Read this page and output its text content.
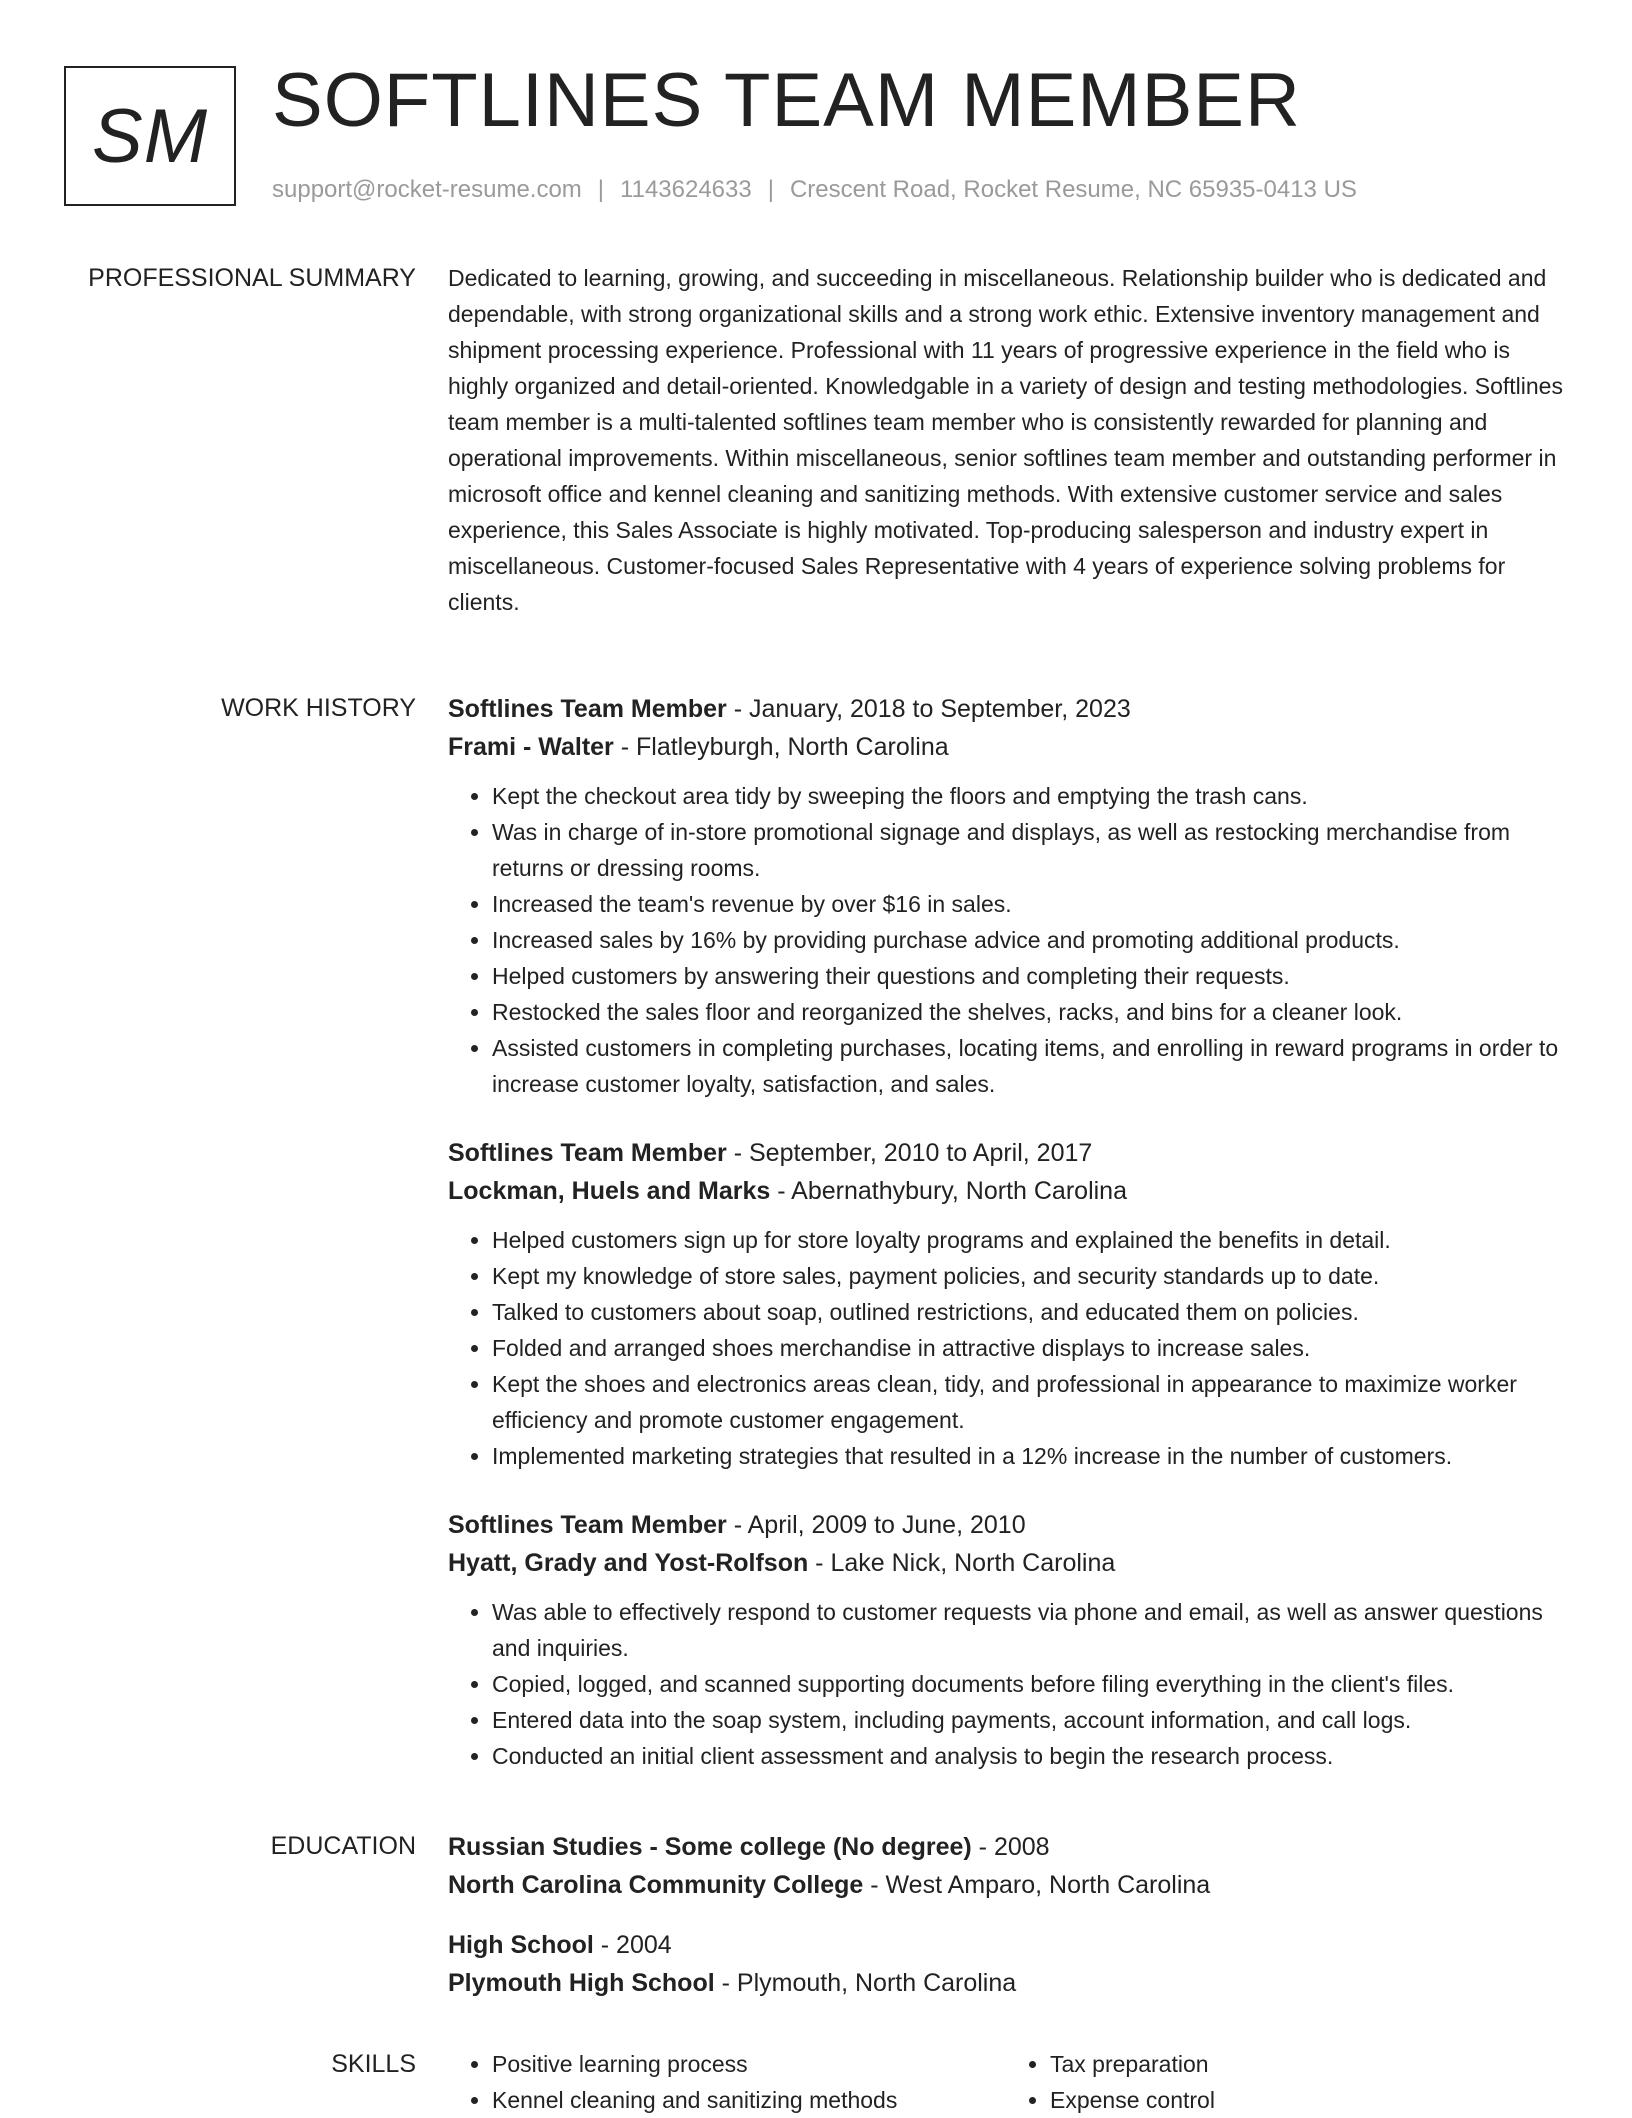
SM SOFTLINES TEAM MEMBER
support@rocket-resume.com | 1143624633 | Crescent Road, Rocket Resume, NC 65935-0413 US
PROFESSIONAL SUMMARY Dedicated to learning, growing, and succeeding in miscellaneous. Relationship builder who is dedicated and dependable, with strong organizational skills and a strong work ethic. Extensive inventory management and shipment processing experience. Professional with 11 years of progressive experience in the field who is highly organized and detail-oriented. Knowledgable in a variety of design and testing methodologies. Softlines team member is a multi-talented softlines team member who is consistently rewarded for planning and operational improvements. Within miscellaneous, senior softlines team member and outstanding performer in microsoft office and kennel cleaning and sanitizing methods. With extensive customer service and sales experience, this Sales Associate is highly motivated. Top-producing salesperson and industry expert in miscellaneous. Customer-focused Sales Representative with 4 years of experience solving problems for clients.

WORK HISTORY Softlines Team Member - January, 2018 to September, 2023
Frami - Walter - Flatleyburgh, North Carolina
• Kept the checkout area tidy by sweeping the floors and emptying the trash cans.
• Was in charge of in-store promotional signage and displays, as well as restocking merchandise from returns or dressing rooms.
• Increased the team's revenue by over $16 in sales.
• Increased sales by 16% by providing purchase advice and promoting additional products.
• Helped customers by answering their questions and completing their requests.
• Restocked the sales floor and reorganized the shelves, racks, and bins for a cleaner look.
• Assisted customers in completing purchases, locating items, and enrolling in reward programs in order to increase customer loyalty, satisfaction, and sales.
Softlines Team Member - September, 2010 to April, 2017
Lockman, Huels and Marks - Abernathybury, North Carolina
• Helped customers sign up for store loyalty programs and explained the benefits in detail.
• Kept my knowledge of store sales, payment policies, and security standards up to date.
• Talked to customers about soap, outlined restrictions, and educated them on policies.
• Folded and arranged shoes merchandise in attractive displays to increase sales.
• Kept the shoes and electronics areas clean, tidy, and professional in appearance to maximize worker efficiency and promote customer engagement.
• Implemented marketing strategies that resulted in a 12% increase in the number of customers.
Softlines Team Member - April, 2009 to June, 2010
Hyatt, Grady and Yost-Rolfson - Lake Nick, North Carolina
• Was able to effectively respond to customer requests via phone and email, as well as answer questions and inquiries.
• Copied, logged, and scanned supporting documents before filing everything in the client's files.
• Entered data into the soap system, including payments, account information, and call logs.
• Conducted an initial client assessment and analysis to begin the research process.
EDUCATION Russian Studies - Some college (No degree) - 2008
North Carolina Community College - West Amparo, North Carolina
High School - 2004
Plymouth High School - Plymouth, North Carolina
SKILLS
•	Positive learning process
• Kennel cleaning and sanitizing methods
• Tax preparation
• Expense control
